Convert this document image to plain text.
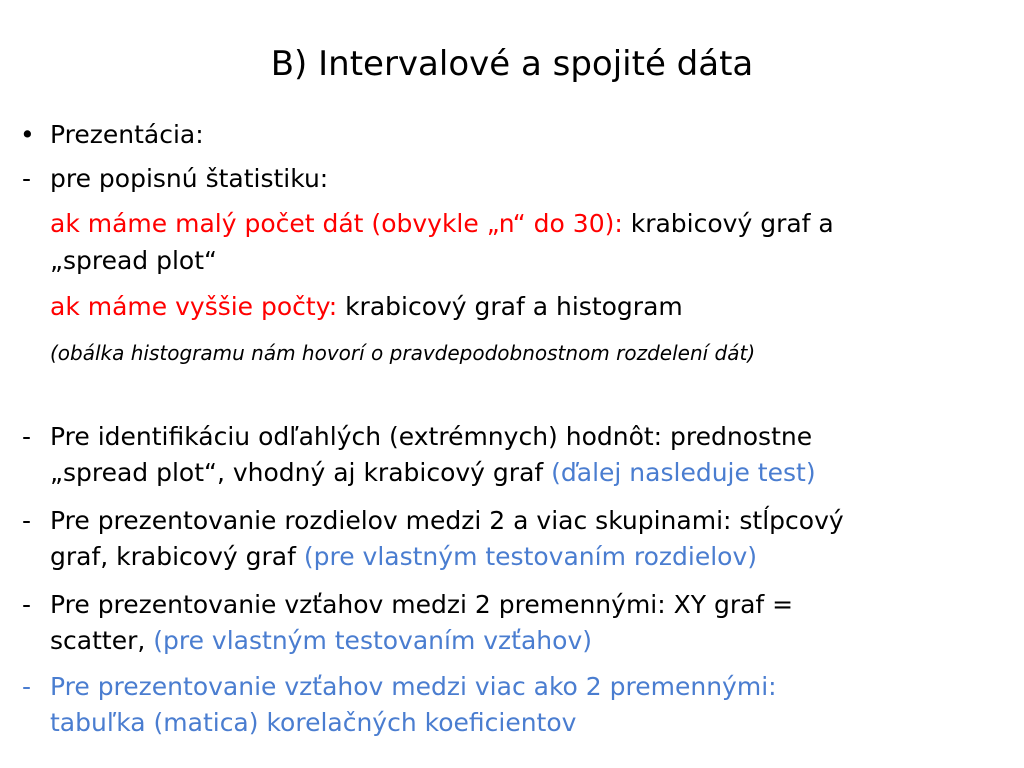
B) Intervalové a spojité dáta
• Prezentácia:
- pre popisnú štatistiku:
ak máme malý počet dát (obvykle „n“ do 30): krabicový graf a
„spread plot“
ak máme vyššie počty: krabicový graf a histogram
(obálka histogramu nám hovorí o pravdepodobnostnom rozdelení dát)
- Pre identifikáciu odľahlých (extrémnych) hodnôt: prednostne
„spread plot“, vhodný aj krabicový graf (ďalej nasleduje test)
- Pre prezentovanie rozdielov medzi 2 a viac skupinami: stĺpcový
graf, krabicový graf (pre vlastným testovaním rozdielov)
- Pre prezentovanie vzťahov medzi 2 premennými: XY graf =
scatter, (pre vlastným testovaním vzťahov)
- Pre prezentovanie vzťahov medzi viac ako 2 premennými:
tabuľka (matica) korelačných koeficientov
